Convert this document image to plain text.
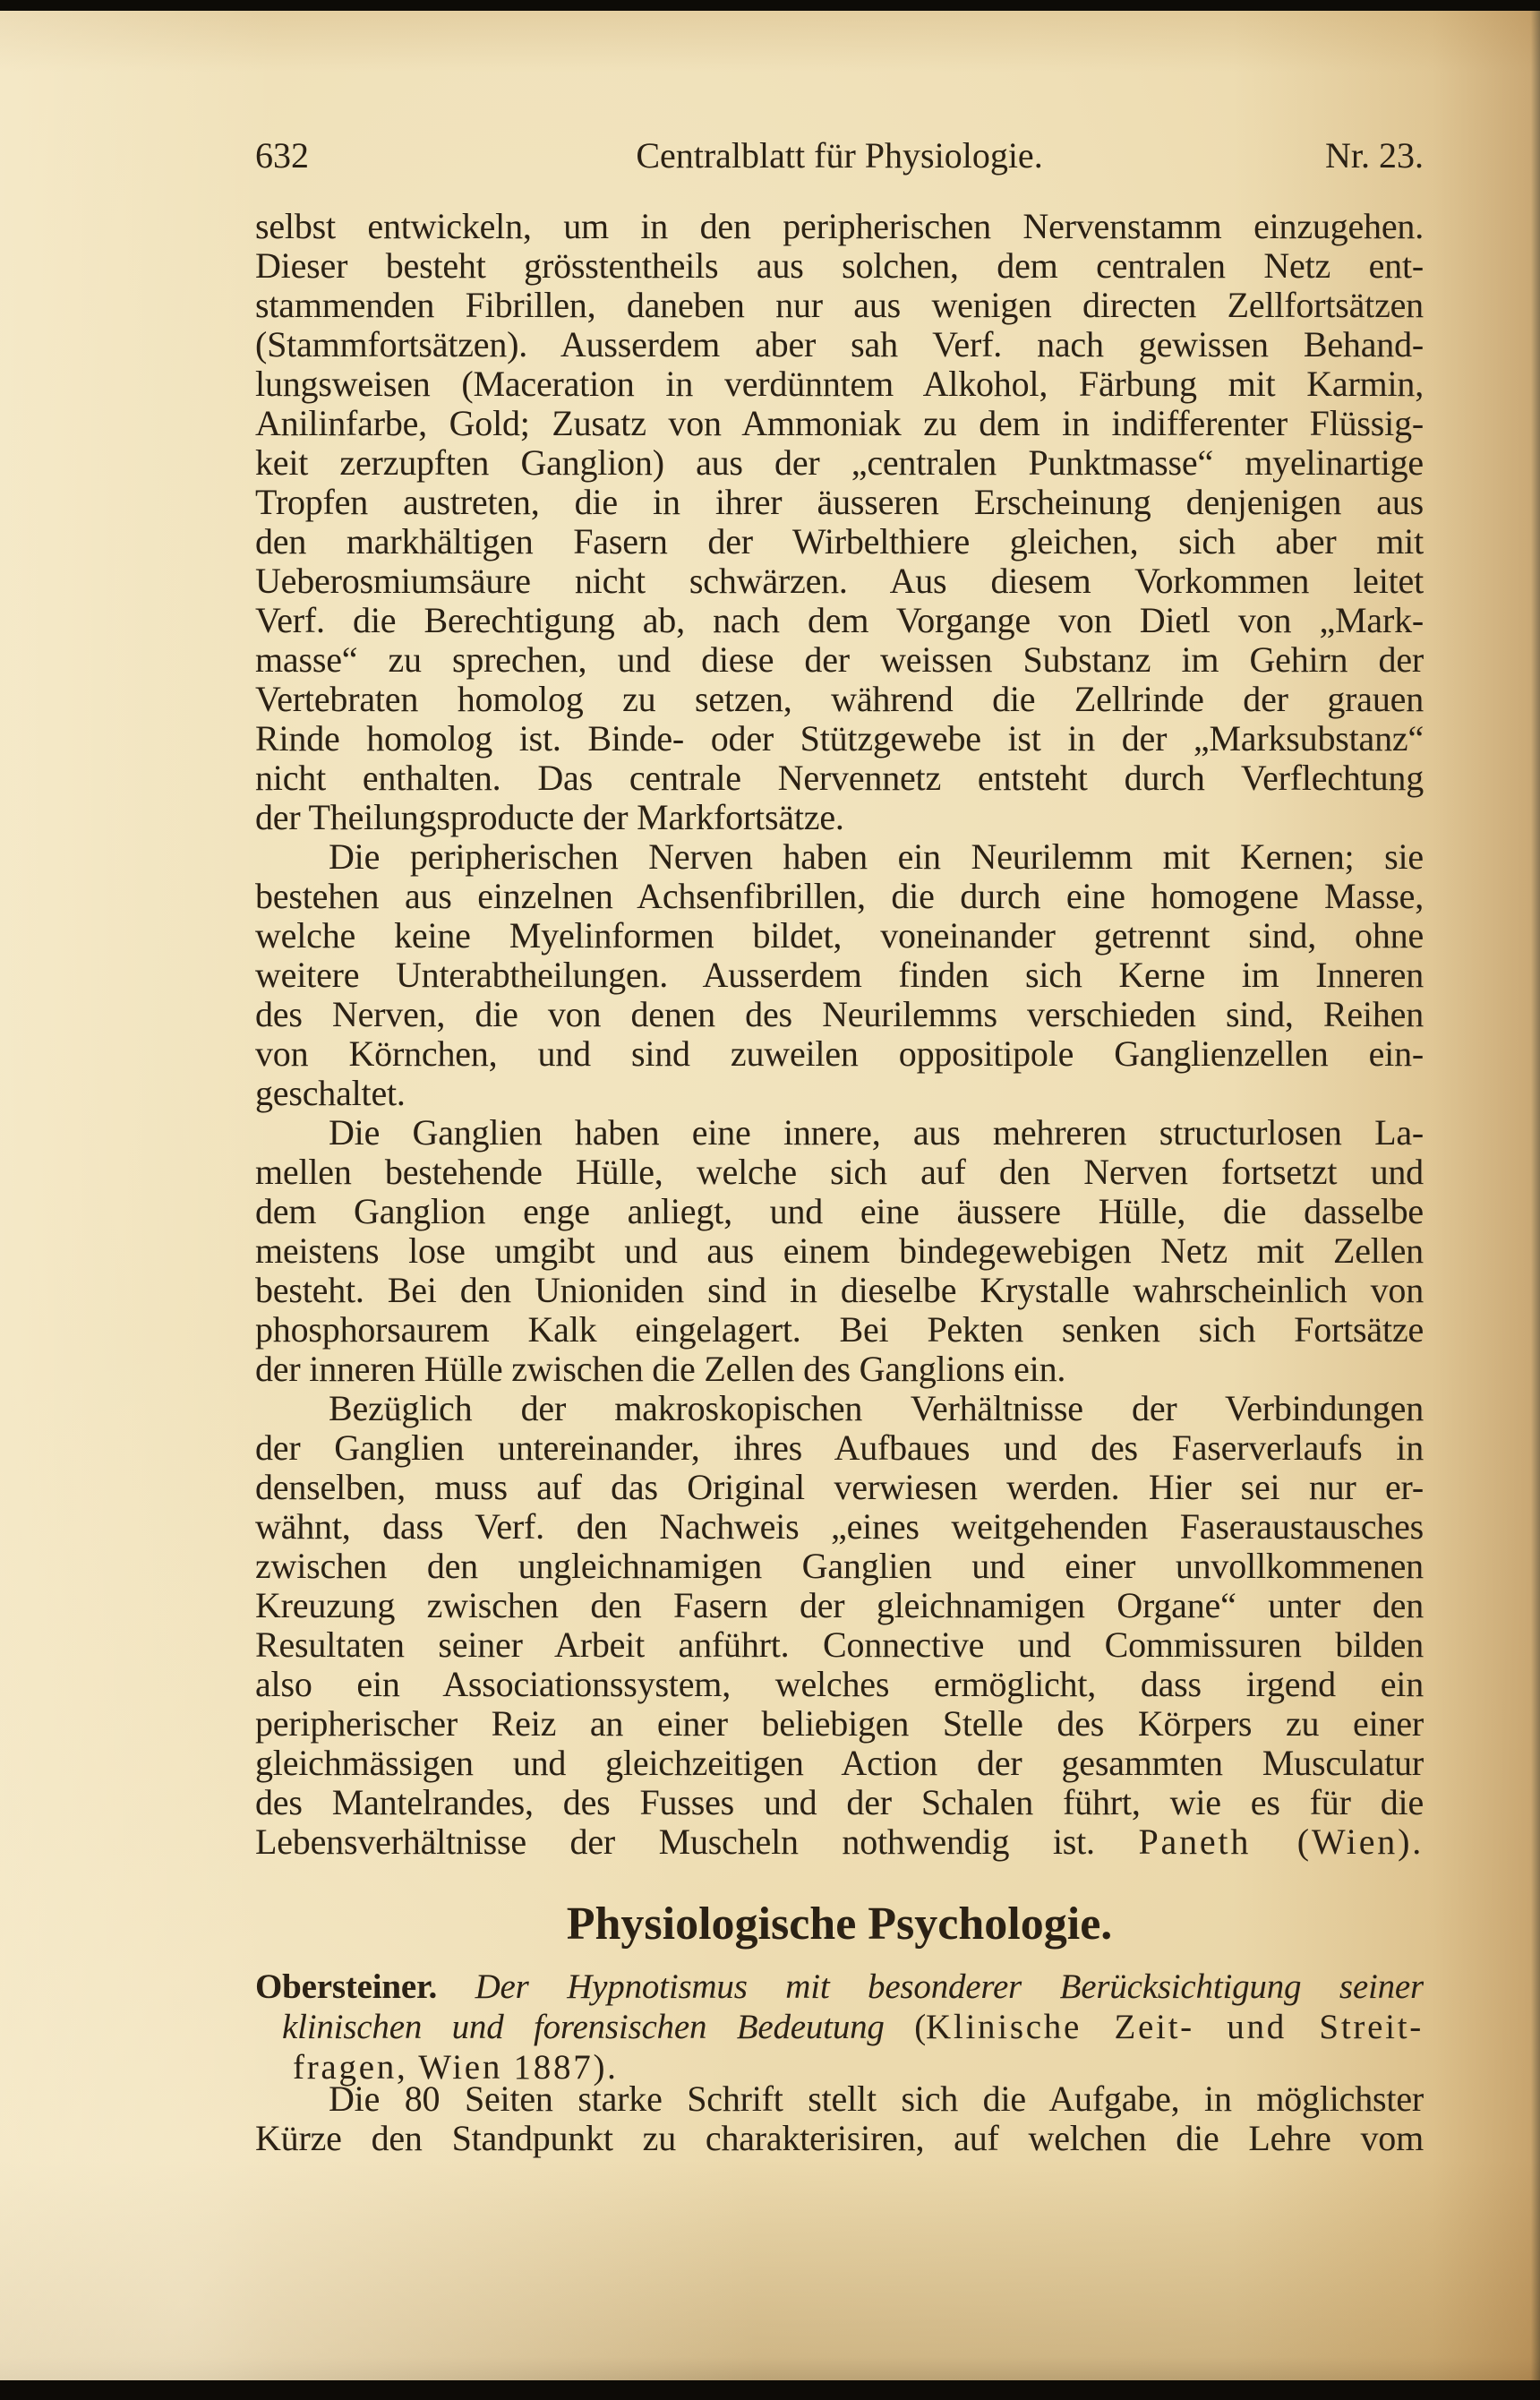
632	Centralblatt für Physiologie.	Nr. 23.
selbst entwickeln, um in den peripherischen Nervenstamm einzugehen.
Dieser besteht grösstentheils aus solchen, dem centralen Netz ent-
stammenden Fibrillen, daneben nur aus wenigen directen Zellfortsätzen
(Stammfortsätzen). Ausserdem aber sah Verf. nach gewissen Behand-
lungsweisen (Maceration in verdünntem Alkohol, Färbung mit Karmin,
Anilinfarbe, Gold; Zusatz von Ammoniak zu dem in indifferenter Flüssig-
keit zerzupften Ganglion) aus der „centralen Punktmasse“ myelinartige
Tropfen austreten, die in ihrer äusseren Erscheinung denjenigen aus
den markhältigen Fasern der Wirbelthiere gleichen, sich aber mit
Ueberosmiumsäure nicht schwärzen. Aus diesem Vorkommen leitet
Verf. die Berechtigung ab, nach dem Vorgange von Dietl von „Mark-
masse“ zu sprechen, und diese der weissen Substanz im Gehirn der
Vertebraten homolog zu setzen, während die Zellrinde der grauen
Rinde homolog ist. Binde- oder Stützgewebe ist in der „Marksubstanz“
nicht enthalten. Das centrale Nervennetz entsteht durch Verflechtung
der Theilungsproducte der Markfortsätze.
Die peripherischen Nerven haben ein Neurilemm mit Kernen; sie
bestehen aus einzelnen Achsenfibrillen, die durch eine homogene Masse,
welche keine Myelinformen bildet, voneinander getrennt sind, ohne
weitere Unterabtheilungen. Ausserdem finden sich Kerne im Inneren
des Nerven, die von denen des Neurilemms verschieden sind, Reihen
von Körnchen, und sind zuweilen oppositipole Ganglienzellen ein-
geschaltet.
Die Ganglien haben eine innere, aus mehreren structurlosen La-
mellen bestehende Hülle, welche sich auf den Nerven fortsetzt und
dem Ganglion enge anliegt, und eine äussere Hülle, die dasselbe
meistens lose umgibt und aus einem bindegewebigen Netz mit Zellen
besteht. Bei den Unioniden sind in dieselbe Krystalle wahrscheinlich von
phosphorsaurem Kalk eingelagert. Bei Pekten senken sich Fortsätze
der inneren Hülle zwischen die Zellen des Ganglions ein.
Bezüglich der makroskopischen Verhältnisse der Verbindungen
der Ganglien untereinander, ihres Aufbaues und des Faserverlaufs in
denselben, muss auf das Original verwiesen werden. Hier sei nur er-
wähnt, dass Verf. den Nachweis „eines weitgehenden Faseraustausches
zwischen den ungleichnamigen Ganglien und einer unvollkommenen
Kreuzung zwischen den Fasern der gleichnamigen Organe“ unter den
Resultaten seiner Arbeit anführt. Connective und Commissuren bilden
also ein Associationssystem, welches ermöglicht, dass irgend ein
peripherischer Reiz an einer beliebigen Stelle des Körpers zu einer
gleichmässigen und gleichzeitigen Action der gesammten Musculatur
des Mantelrandes, des Fusses und der Schalen führt, wie es für die
Lebensverhältnisse der Muscheln nothwendig ist. Paneth (Wien).
Physiologische Psychologie.
Obersteiner. Der Hypnotismus mit besonderer Berücksichtigung seiner
klinischen und forensischen Bedeutung (Klinische Zeit- und Streit-
fragen, Wien 1887).
Die 80 Seiten starke Schrift stellt sich die Aufgabe, in möglichster
Kürze den Standpunkt zu charakterisiren, auf welchen die Lehre vom
